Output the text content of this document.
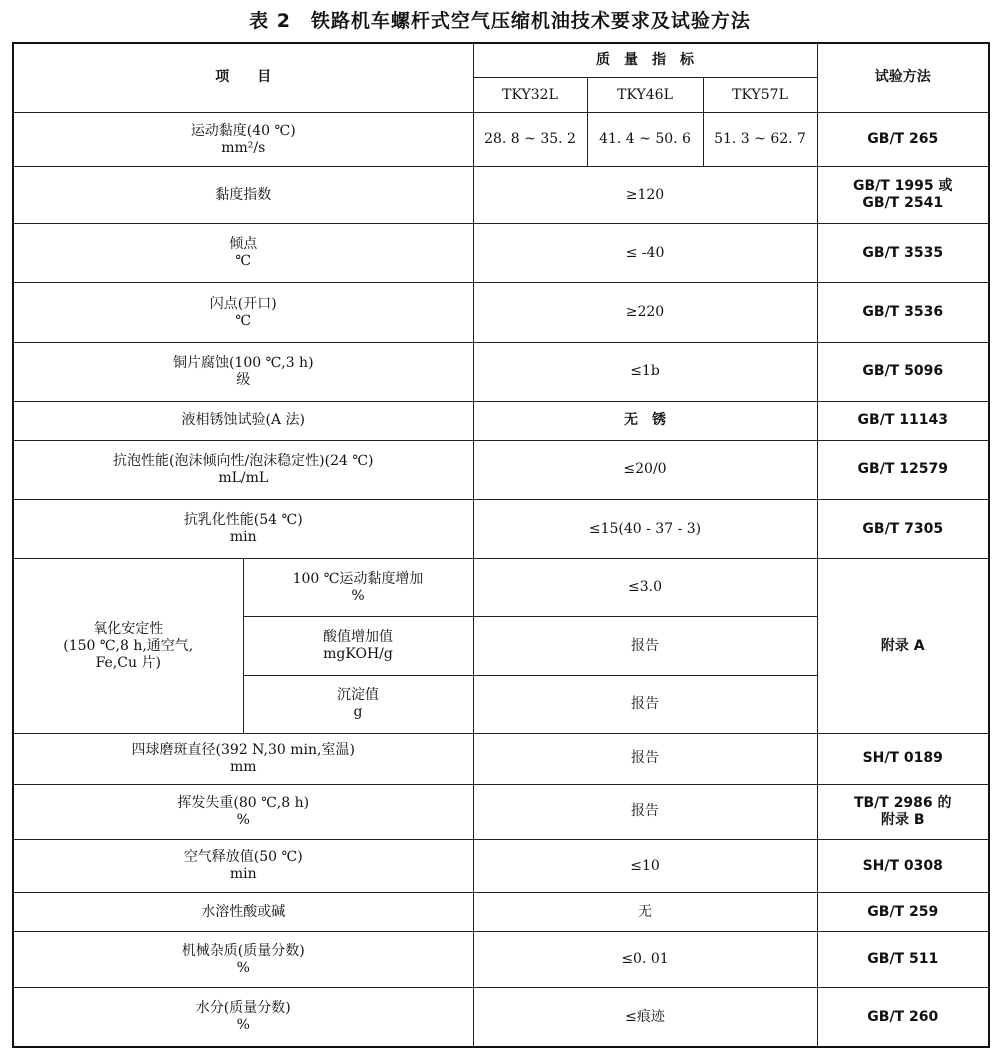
表 2　铁路机车螺杆式空气压缩机油技术要求及试验方法
项　　目		质　量　指　标			试验方法
		TKY32L	TKY46L	TKY57L	

运动黏度(40 ℃)
mm²/s		28. 8 ~ 35. 2	41. 4 ~ 50. 6	51. 3 ~ 62. 7	GB/T 265
黏度指数		≥120			GB/T 1995 或
GB/T 2541

倾点
℃		≤ -40			GB/T 3535

闪点(开口)
℃		≥220			GB/T 3536

铜片腐蚀(100 ℃,3 h)
级		≤1b			GB/T 5096
液相锈蚀试验(A 法)		无　锈			GB/T 11143

抗泡性能(泡沫倾向性/泡沫稳定性)(24 ℃)
mL/mL		≤20/0			GB/T 12579

抗乳化性能(54 ℃)
min		≤15(40 - 37 - 3)			GB/T 7305

氧化安定性
(150 ℃,8 h,通空气,
Fe,Cu 片)	100 ℃运动黏度增加
%	≤3.0			附录 A

	酸值增加值
mgKOH/g	报告			

	沉淀值
g	报告			

四球磨斑直径(392 N,30 min,室温)
mm		报告			SH/T 0189

挥发失重(80 ℃,8 h)
%		报告			TB/T 2986 的
附录 B

空气释放值(50 ℃)
min		≤10			SH/T 0308
水溶性酸或碱		无			GB/T 259

机械杂质(质量分数)
%		≤0. 01			GB/T 511

水分(质量分数)
%		≤痕迹			GB/T 260
